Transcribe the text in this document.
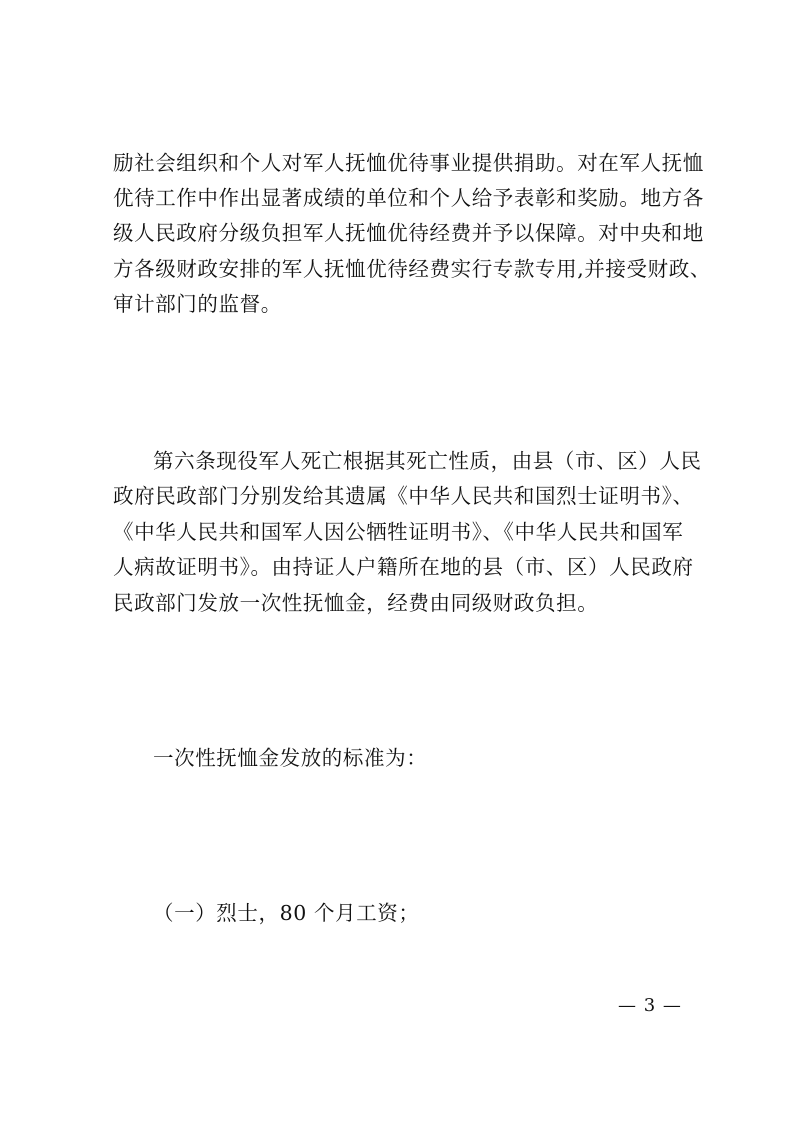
励社会组织和个人对军人抚恤优待事业提供捐助。对在军人抚恤
优待工作中作出显著成绩的单位和个人给予表彰和奖励。地方各
级人民政府分级负担军人抚恤优待经费并予以保障。对中央和地
方各级财政安排的军人抚恤优待经费实行专款专用,并接受财政、
审计部门的监督。
第六条现役军人死亡根据其死亡性质，由县（市、区）人民
政府民政部门分别发给其遗属《中华人民共和国烈士证明书》、
《中华人民共和国军人因公牺牲证明书》、《中华人民共和国军
人病故证明书》。由持证人户籍所在地的县（市、区）人民政府
民政部门发放一次性抚恤金，经费由同级财政负担。
一次性抚恤金发放的标准为：
（一）烈士，80 个月工资；
— 3 —
